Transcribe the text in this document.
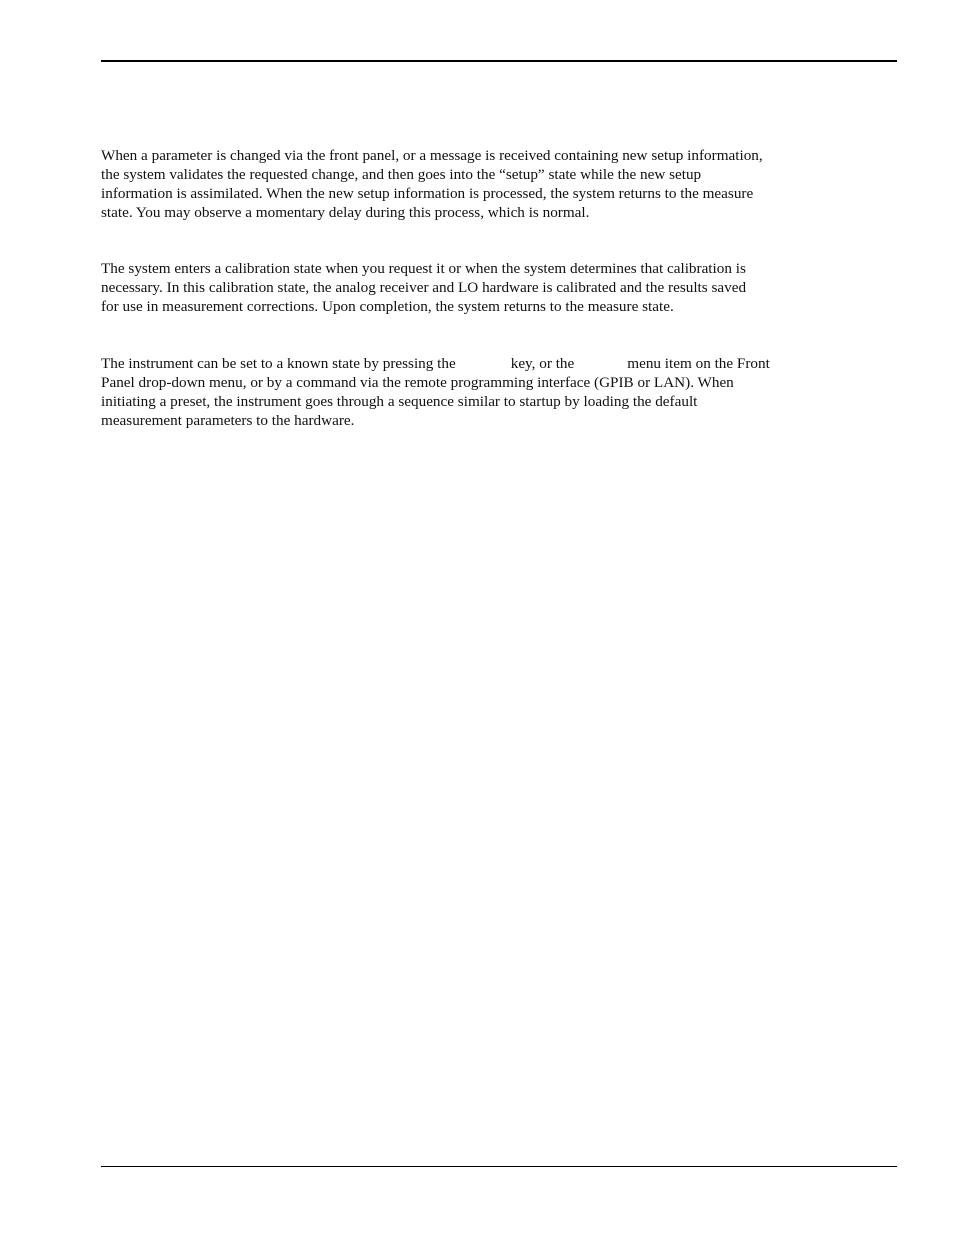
When a parameter is changed via the front panel, or a message is received containing new setup information,
the system validates the requested change, and then goes into the “setup” state while the new setup
information is assimilated. When the new setup information is processed, the system returns to the measure
state. You may observe a momentary delay during this process, which is normal.
The system enters a calibration state when you request it or when the system determines that calibration is
necessary. In this calibration state, the analog receiver and LO hardware is calibrated and the results saved
for use in measurement corrections. Upon completion, the system returns to the measure state.
The instrument can be set to a known state by pressing the	key, or the	menu item on the Front
Panel drop-down menu, or by a command via the remote programming interface (GPIB or LAN). When
initiating a preset, the instrument goes through a sequence similar to startup by loading the default
measurement parameters to the hardware.
